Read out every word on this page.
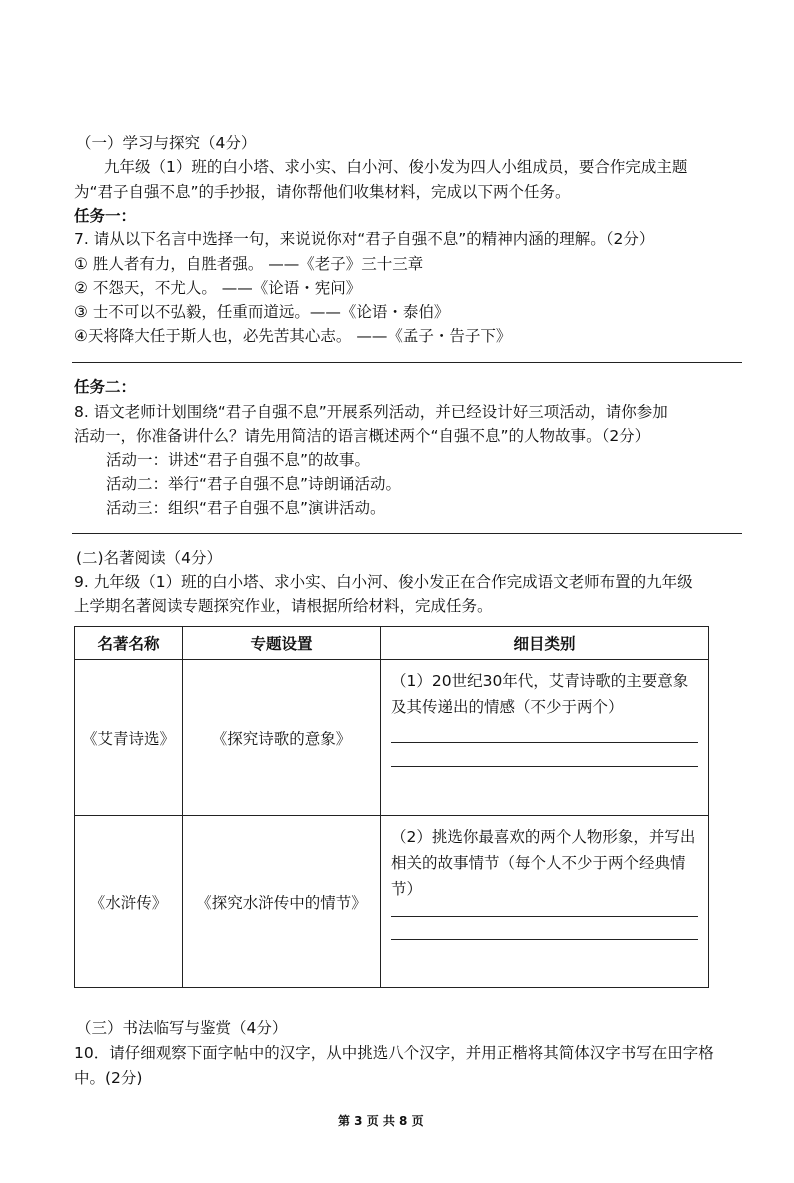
（一）学习与探究（4分）
九年级（1）班的白小塔、求小实、白小河、俊小发为四人小组成员，要合作完成主题
为“君子自强不息”的手抄报，请你帮他们收集材料，完成以下两个任务。
任务一：
7. 请从以下名言中选择一句，来说说你对“君子自强不息”的精神内涵的理解。（2分）
① 胜人者有力，自胜者强。 ——《老子》三十三章
② 不怨天，不尤人。 ——《论语・宪问》
③ 士不可以不弘毅，任重而道远。——《论语・泰伯》
④天将降大任于斯人也，必先苦其心志。 ——《孟子・告子下》
任务二：
8. 语文老师计划围绕“君子自强不息”开展系列活动，并已经设计好三项活动，请你参加
活动一，你准备讲什么？请先用简洁的语言概述两个“自强不息”的人物故事。（2分）
活动一：讲述“君子自强不息”的故事。
活动二：举行“君子自强不息”诗朗诵活动。
活动三：组织“君子自强不息”演讲活动。
(二)名著阅读（4分）
9. 九年级（1）班的白小塔、求小实、白小河、俊小发正在合作完成语文老师布置的九年级
上学期名著阅读专题探究作业，请根据所给材料，完成任务。
名著名称	专题设置	细目类别
《艾青诗选》	《探究诗歌的意象》	（1）20世纪30年代，艾青诗歌的主要意象及其传递出的情感（不少于两个）

《水浒传》	《探究水浒传中的情节》	（2）挑选你最喜欢的两个人物形象，并写出相关的故事情节（每个人不少于两个经典情节）
（三）书法临写与鉴赏（4分）
10．请仔细观察下面字帖中的汉字，从中挑选八个汉字，并用正楷将其简体汉字书写在田字格
中。(2分)
第 3 页 共 8 页
